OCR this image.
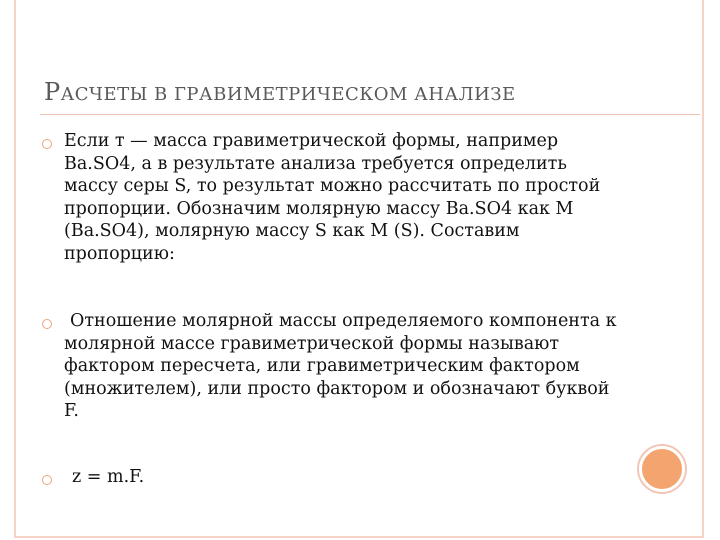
РАСЧЕТЫ В ГРАВИМЕТРИЧЕСКОМ АНАЛИЗЕ
Если т — масса гравиметрической формы, например Ba.SO4, а в результате анализа требуется определить массу серы S, то результат можно рассчитать по простой пропорции. Обозначим молярную массу Ba.SO4 как М (Ba.SO4), молярную массу S как М (S). Составим пропорцию:
Отношение молярной массы определяемого компонента к молярной массе гравиметрической формы называют фактором пересчета, или гравиметрическим фактором (множителем), или просто фактором и обозначают буквой F.
z = m.F.
